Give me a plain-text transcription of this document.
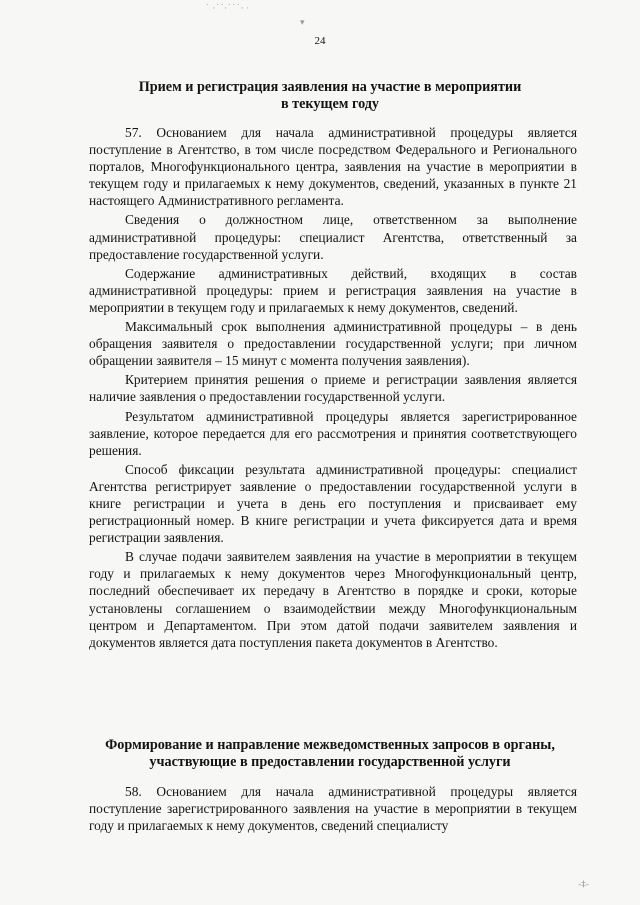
˙ ·˙˙·˙˙˙· ·
▾
24
Прием и регистрация заявления на участие в мероприятии
в текущем году

57. Основанием для начала административной процедуры является поступление в Агентство, в том числе посредством Федерального и Регионального порталов, Многофункционального центра, заявления на участие в мероприятии в текущем году и прилагаемых к нему документов, сведений, указанных в пункте 21 настоящего Административного регламента.

Сведения о должностном лице, ответственном за выполнение административной процедуры: специалист Агентства, ответственный за предоставление государственной услуги.

Содержание административных действий, входящих в состав административной процедуры: прием и регистрация заявления на участие в мероприятии в текущем году и прилагаемых к нему документов, сведений.

Максимальный срок выполнения административной процедуры – в день обращения заявителя о предоставлении государственной услуги; при личном обращении заявителя – 15 минут с момента получения заявления).

Критерием принятия решения о приеме и регистрации заявления является наличие заявления о предоставлении государственной услуги.

Результатом административной процедуры является зарегистрированное заявление, которое передается для его рассмотрения и принятия соответствующего решения.

Способ фиксации результата административной процедуры: специалист Агентства регистрирует заявление о предоставлении государственной услуги в книге регистрации и учета в день его поступления и присваивает ему регистрационный номер. В книге регистрации и учета фиксируется дата и время регистрации заявления.

В случае подачи заявителем заявления на участие в мероприятии в текущем году и прилагаемых к нему документов через Многофункциональный центр, последний обеспечивает их передачу в Агентство в порядке и сроки, которые установлены соглашением о взаимодействии между Многофункциональным центром и Департаментом. При этом датой подачи заявителем заявления и документов является дата поступления пакета документов в Агентство.

Формирование и направление межведомственных запросов в органы,
участвующие в предоставлении государственной услуги

58. Основанием для начала административной процедуры является поступление зарегистрированного заявления на участие в мероприятии в текущем году и прилагаемых к нему документов, сведений специалисту

-‡-
